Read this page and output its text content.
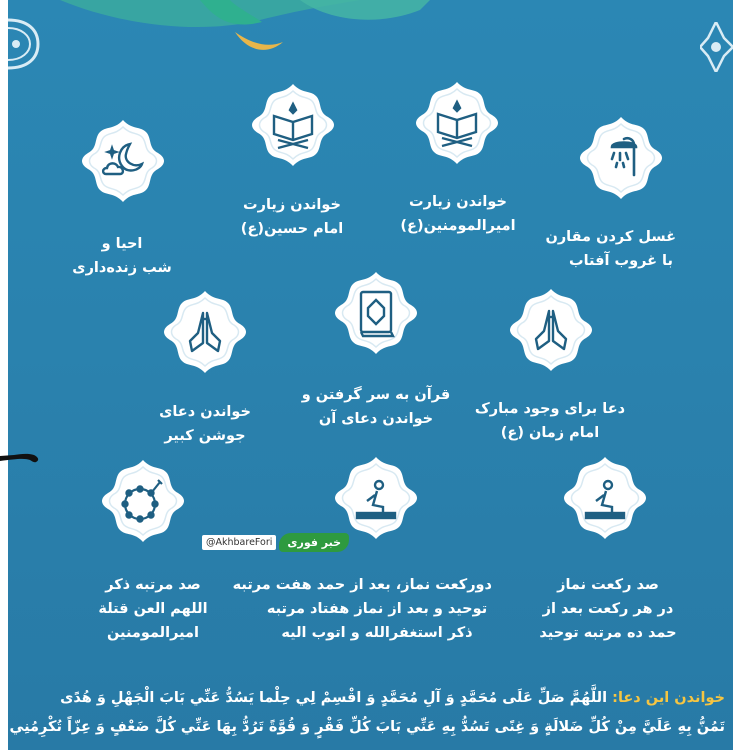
غسل کردن مقارن
با غروب آفتاب
خواندن زیارت
امیرالمومنین(ع)
خواندن زیارت
امام حسین(ع)
احیا و
شب زنده‌داری
دعا برای وجود مبارک
امام زمان (ع)
قرآن به سر گرفتن و
خواندن دعای آن
خواندن دعای
جوشن کبیر
صد رکعت نماز
در هر رکعت بعد از
حمد ده مرتبه توحید
دورکعت نماز، بعد از حمد هفت مرتبه
توحید و بعد از نماز هفتاد مرتبه
ذکر استغفرالله و اتوب الیه
صد مرتبه ذکر
اللهم العن قتلة
امیرالمومنین
@AkhbareFori	خبر فوری
خواندن این دعا: اللَّهُمَّ صَلِّ عَلَى مُحَمَّدٍ وَ آلِ مُحَمَّدٍ وَ اقْسِمْ لِي حِلْما يَسُدُّ عَنِّي بَابَ الْجَهْلِ وَ هُدًى
تَمُنُّ بِهِ عَلَيَّ مِنْ كُلِّ ضَلالَةٍ وَ غِنًى تَسُدُّ بِهِ عَنِّي بَابَ كُلِّ فَقْرٍ وَ قُوَّةً تَرُدُّ بِهَا عَنِّي كُلَّ ضَعْفٍ وَ عِزّاً تُكْرِمُنِي
